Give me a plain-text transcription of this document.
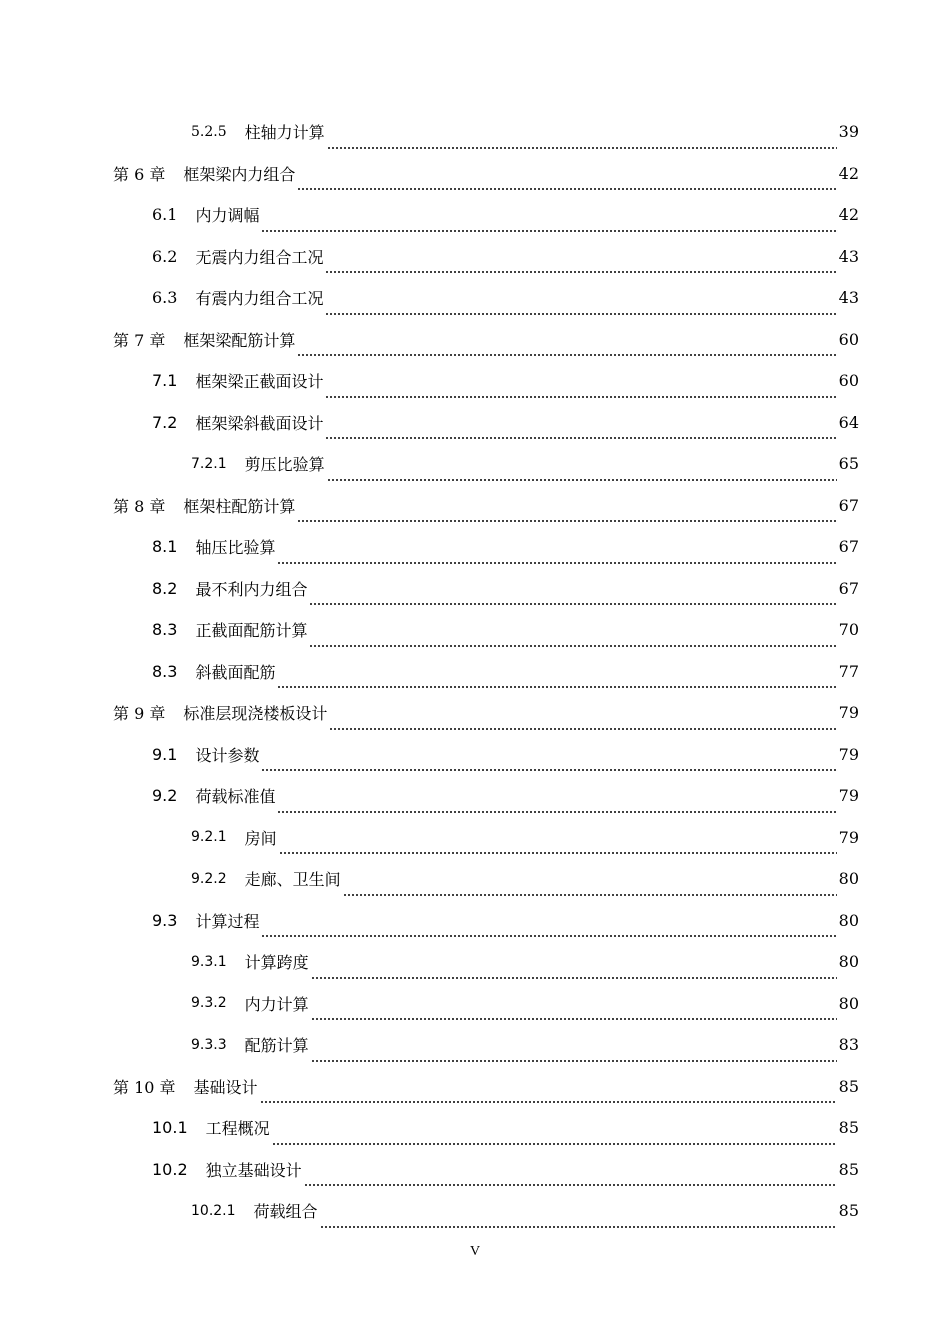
5.2.5 柱轴力计算	39
第 6 章 框架梁内力组合	42
6.1 内力调幅	42
6.2 无震内力组合工况	43
6.3 有震内力组合工况	43
第 7 章 框架梁配筋计算	60
7.1 框架梁正截面设计	60
7.2 框架梁斜截面设计	64
7.2.1 剪压比验算	65
第 8 章 框架柱配筋计算	67
8.1 轴压比验算	67
8.2 最不利内力组合	67
8.3 正截面配筋计算	70
8.3 斜截面配筋	77
第 9 章 标准层现浇楼板设计	79
9.1 设计参数	79
9.2 荷载标准值	79
9.2.1 房间	79
9.2.2 走廊、卫生间	80
9.3 计算过程	80
9.3.1 计算跨度	80
9.3.2 内力计算	80
9.3.3 配筋计算	83
第 10 章 基础设计	85
10.1 工程概况	85
10.2 独立基础设计	85
10.2.1 荷载组合	85
V
